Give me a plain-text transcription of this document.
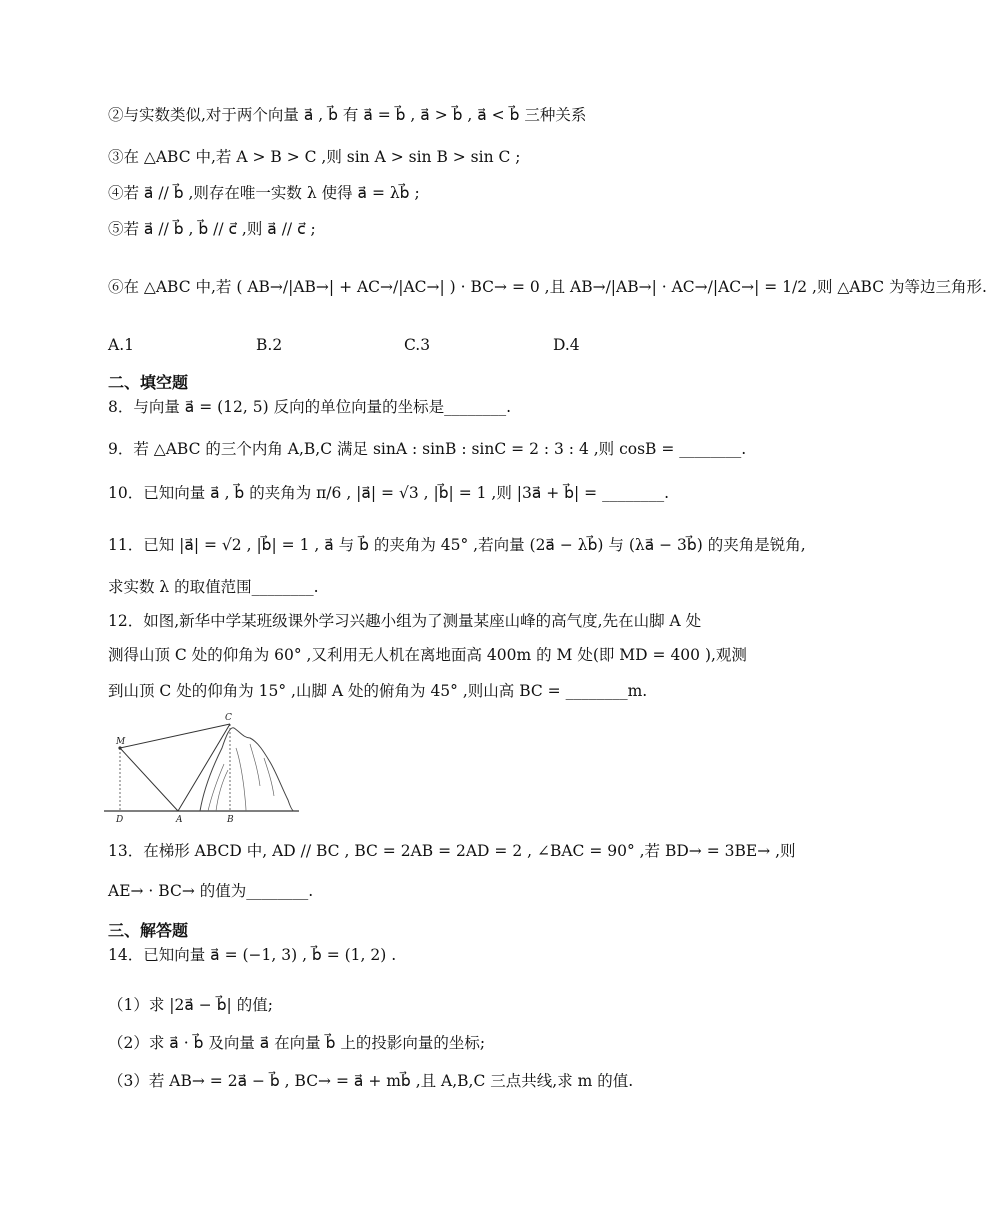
②与实数类似,对于两个向量 a⃗ , b⃗ 有 a⃗ = b⃗ , a⃗ > b⃗ , a⃗ < b⃗ 三种关系
③在 △ABC 中,若 A > B > C ,则 sin A > sin B > sin C ;
④若 a⃗ // b⃗ ,则存在唯一实数 λ 使得 a⃗ = λb⃗ ;
⑤若 a⃗ // b⃗ , b⃗ // c⃗ ,则 a⃗ // c⃗ ;
⑥在 △ABC 中,若 ( AB→/|AB→| + AC→/|AC→| ) · BC→ = 0 ,且 AB→/|AB→| · AC→/|AC→| = 1/2 ,则 △ABC 为等边三角形.
A.1	B.2	C.3	D.4
二、填空题
8．与向量 a⃗ = (12, 5) 反向的单位向量的坐标是________.
9．若 △ABC 的三个内角 A,B,C 满足 sinA : sinB : sinC = 2 : 3 : 4 ,则 cosB = ________.
10．已知向量 a⃗ , b⃗ 的夹角为 π/6 , |a⃗| = √3 , |b⃗| = 1 ,则 |3a⃗ + b⃗| = ________.
11．已知 |a⃗| = √2 , |b⃗| = 1 , a⃗ 与 b⃗ 的夹角为 45° ,若向量 (2a⃗ − λb⃗) 与 (λa⃗ − 3b⃗) 的夹角是锐角,
求实数 λ 的取值范围________.
12．如图,新华中学某班级课外学习兴趣小组为了测量某座山峰的高气度,先在山脚 A 处
测得山顶 C 处的仰角为 60° ,又利用无人机在离地面高 400m 的 M 处(即 MD = 400 ),观测
到山顶 C 处的仰角为 15° ,山脚 A 处的俯角为 45° ,则山高 BC = ________m.
M
C
D	A	B
13．在梯形 ABCD 中, AD // BC , BC = 2AB = 2AD = 2 , ∠BAC = 90° ,若 BD→ = 3BE→ ,则
AE→ · BC→ 的值为________.
三、解答题
14．已知向量 a⃗ = (−1, 3) , b⃗ = (1, 2) .
（1）求 |2a⃗ − b⃗| 的值;
（2）求 a⃗ · b⃗ 及向量 a⃗ 在向量 b⃗ 上的投影向量的坐标;
（3）若 AB→ = 2a⃗ − b⃗ , BC→ = a⃗ + mb⃗ ,且 A,B,C 三点共线,求 m 的值.
